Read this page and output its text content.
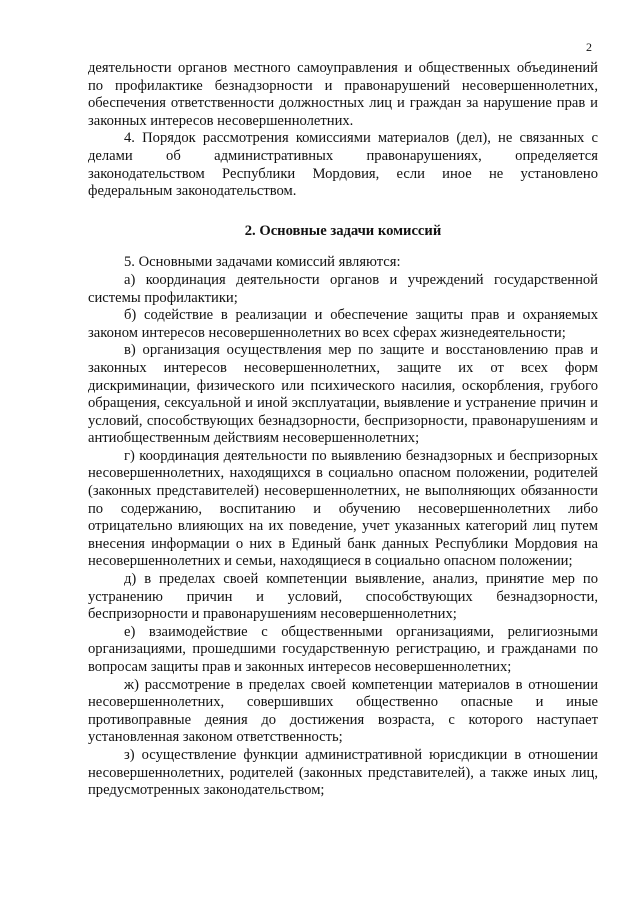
2

деятельности органов местного самоуправления и общественных объединений по профилактике безнадзорности и правонарушений несовершеннолетних, обеспечения ответственности должностных лиц и граждан за нарушение прав и законных интересов несовершеннолетних.

4. Порядок рассмотрения комиссиями материалов (дел), не связанных с делами об административных правонарушениях, определяется законодательством Республики Мордовия, если иное не установлено федеральным законодательством.

2. Основные задачи комиссий

5. Основными задачами комиссий являются:

а) координация деятельности органов и учреждений государственной системы профилактики;

б) содействие в реализации и обеспечение защиты прав и охраняемых законом интересов несовершеннолетних во всех сферах жизнедеятельности;

в) организация осуществления мер по защите и восстановлению прав и законных интересов несовершеннолетних, защите их от всех форм дискриминации, физического или психического насилия, оскорбления, грубого обращения, сексуальной и иной эксплуатации, выявление и устранение причин и условий, способствующих безнадзорности, беспризорности, правонарушениям и антиобщественным действиям несовершеннолетних;

г) координация деятельности по выявлению безнадзорных и беспризорных несовершеннолетних, находящихся в социально опасном положении, родителей (законных представителей) несовершеннолетних, не выполняющих обязанности по содержанию, воспитанию и обучению несовершеннолетних либо отрицательно влияющих на их поведение, учет указанных категорий лиц путем внесения информации о них в Единый банк данных Республики Мордовия на несовершеннолетних и семьи, находящиеся в социально опасном положении;

д) в пределах своей компетенции выявление, анализ, принятие мер по устранению причин и условий, способствующих безнадзорности, беспризорности и правонарушениям несовершеннолетних;

е) взаимодействие с общественными организациями, религиозными организациями, прошедшими государственную регистрацию, и гражданами по вопросам защиты прав и законных интересов несовершеннолетних;

ж) рассмотрение в пределах своей компетенции материалов в отношении несовершеннолетних, совершивших общественно опасные и иные противоправные деяния до достижения возраста, с которого наступает установленная законом ответственность;

з) осуществление функции административной юрисдикции в отношении несовершеннолетних, родителей (законных представителей), а также иных лиц, предусмотренных законодательством;
